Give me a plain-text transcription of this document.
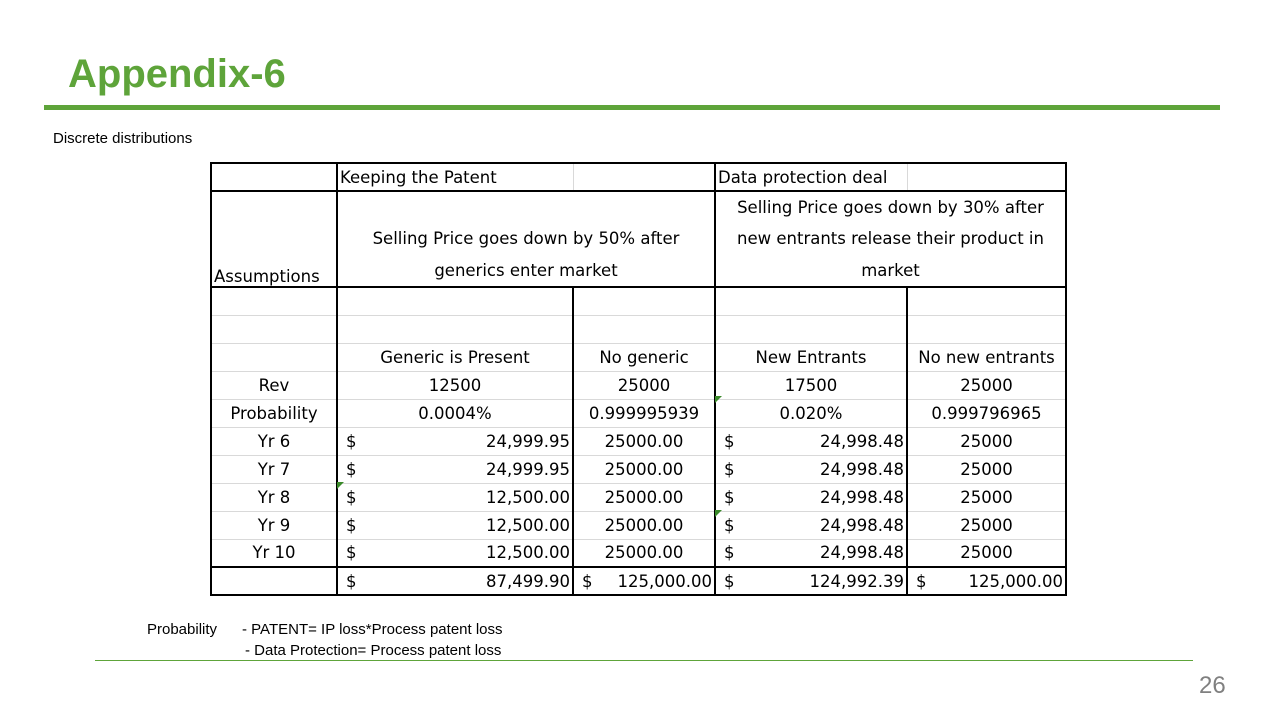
Appendix-6
Discrete distributions
	Keeping the Patent		Data protection deal	
Assumptions	Selling Price goes down by 50% after generics enter market		Selling Price goes down by 30% after new entrants release their product in market	

	Generic is Present	No generic	New Entrants	No new entrants
Rev	12500	25000	17500	25000
Probability	0.0004%	0.999995939	0.020%	0.999796965
Yr 6	$ 24,999.95	25000.00	$ 24,998.48	25000
Yr 7	$ 24,999.95	25000.00	$ 24,998.48	25000
Yr 8	$ 12,500.00	25000.00	$ 24,998.48	25000
Yr 9	$ 12,500.00	25000.00	$ 24,998.48	25000
Yr 10	$ 12,500.00	25000.00	$ 24,998.48	25000

	$ 87,499.90	$ 125,000.00	$ 124,992.39	$ 125,000.00
Probability - PATENT= IP loss*Process patent loss
- Data Protection= Process patent loss
26
